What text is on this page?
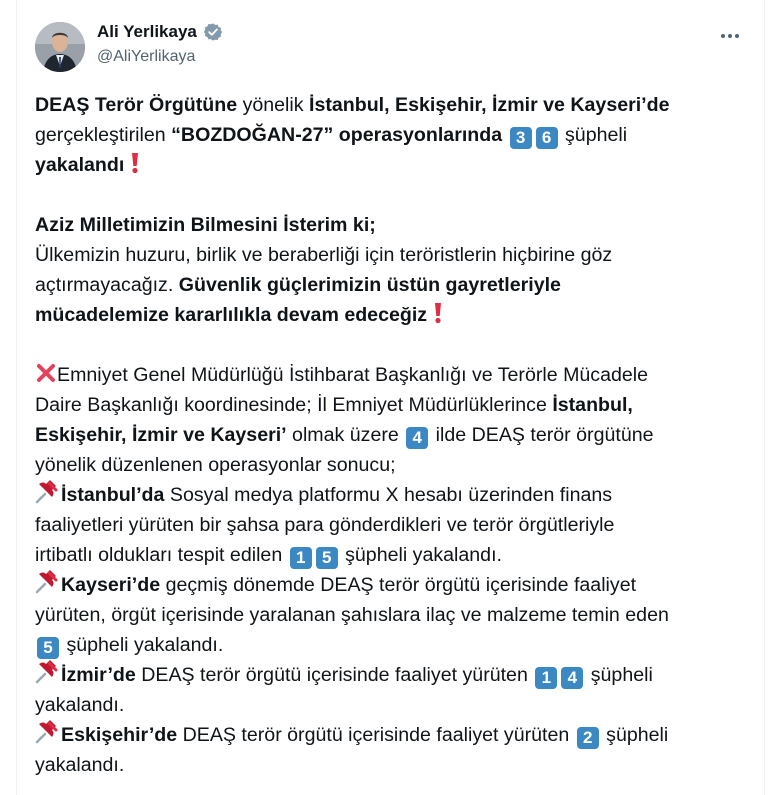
Ali Yerlikaya
@AliYerlikaya
DEAŞ Terör Örgütüne yönelik İstanbul, Eskişehir, İzmir ve Kayseri’de
gerçekleştirilen “BOZDOĞAN-27” operasyonlarında 3 6 şüpheli
yakalandı
Aziz Milletimizin Bilmesini İsterim ki;
Ülkemizin huzuru, birlik ve beraberliği için teröristlerin hiçbirine göz
açtırmayacağız. Güvenlik güçlerimizin üstün gayretleriyle
mücadelemize kararlılıkla devam edeceğiz
Emniyet Genel Müdürlüğü İstihbarat Başkanlığı ve Terörle Mücadele
Daire Başkanlığı koordinesinde; İl Emniyet Müdürlüklerince İstanbul,
Eskişehir, İzmir ve Kayseri’ olmak üzere 4 ilde DEAŞ terör örgütüne
yönelik düzenlenen operasyonlar sonucu;
İstanbul’da Sosyal medya platformu X hesabı üzerinden finans
faaliyetleri yürüten bir şahsa para gönderdikleri ve terör örgütleriyle
irtibatlı oldukları tespit edilen 1 5 şüpheli yakalandı.
Kayseri’de geçmiş dönemde DEAŞ terör örgütü içerisinde faaliyet
yürüten, örgüt içerisinde yaralanan şahıslara ilaç ve malzeme temin eden
5 şüpheli yakalandı.
İzmir’de DEAŞ terör örgütü içerisinde faaliyet yürüten 1 4 şüpheli
yakalandı.
Eskişehir’de DEAŞ terör örgütü içerisinde faaliyet yürüten 2 şüpheli
yakalandı.
